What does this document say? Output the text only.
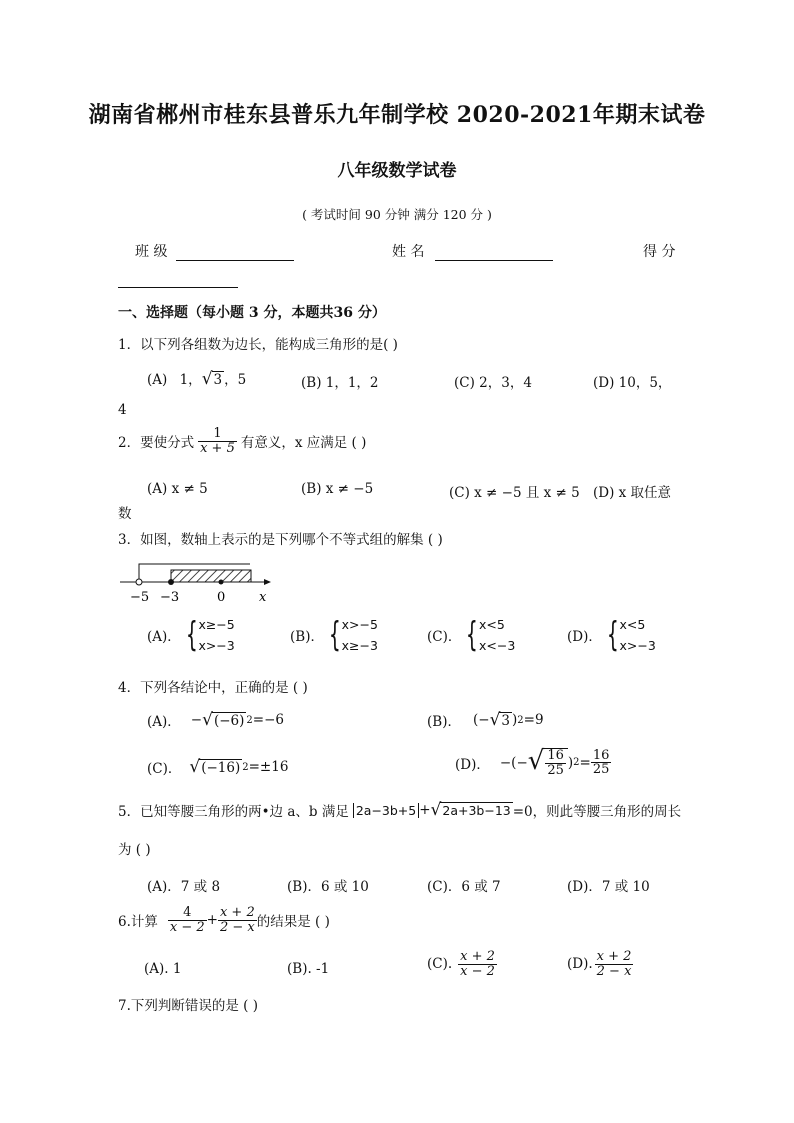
湖南省郴州市桂东县普乐九年制学校 2020-2021年期末试卷
八年级数学试卷
( 考试时间 90 分钟 满分 120 分 )
班 级	姓 名	得 分
一、选择题（每小题 3 分，本题共36 分）
1．以下列各组数为边长，能构成三角形的是( )
(A) 1， √ 3 ，5	(B) 1，1，2	(C) 2，3，4	(D) 10，5，
4
2．要使分式 $\frac{1}{x + 5}$ 有意义，x 应满足 ( )
(A) x ≠ 5	(B) x ≠ −5	(C) x ≠ −5 且 x ≠ 5 (D) x 取任意
数
3．如图，数轴上表示的是下列哪个不等式组的解集 ( )
−5 −3	0	x
(A)． { x≥−5
x>−3
(B)． { x>−5
x≥−3
(C)． { x<5
x<−3
(D)． { x<5
x>−3
4．下列各结论中，正确的是 ( )
(A)． − √ (−6) 2 =−6	(B)． (− √ 3 ) 2 =9
(C)． √ (−16) 2 =±16	(D)． −(− √ $\frac{16}{25}$ ) $2 = \frac{16}{25}$
5．已知等腰三角形的两•边 a、b 满足 2a−3b+5 + √ 2a+3b−13 =0，则此等腰三角形的周长
为 ( )
(A)．7 或 8	(B)．6 或 10	(C)．6 或 7	(D)．7 或 10
6.计算 $\frac{4}{x - 2} + \frac{x + 2}{2 - x}$ 的结果是 ( )
(A). 1	(B). -1	(C). $\frac{x + 2}{x - 2}$	(D). $\frac{x + 2}{2 - x}$
7.下列判断错误的是 ( )
